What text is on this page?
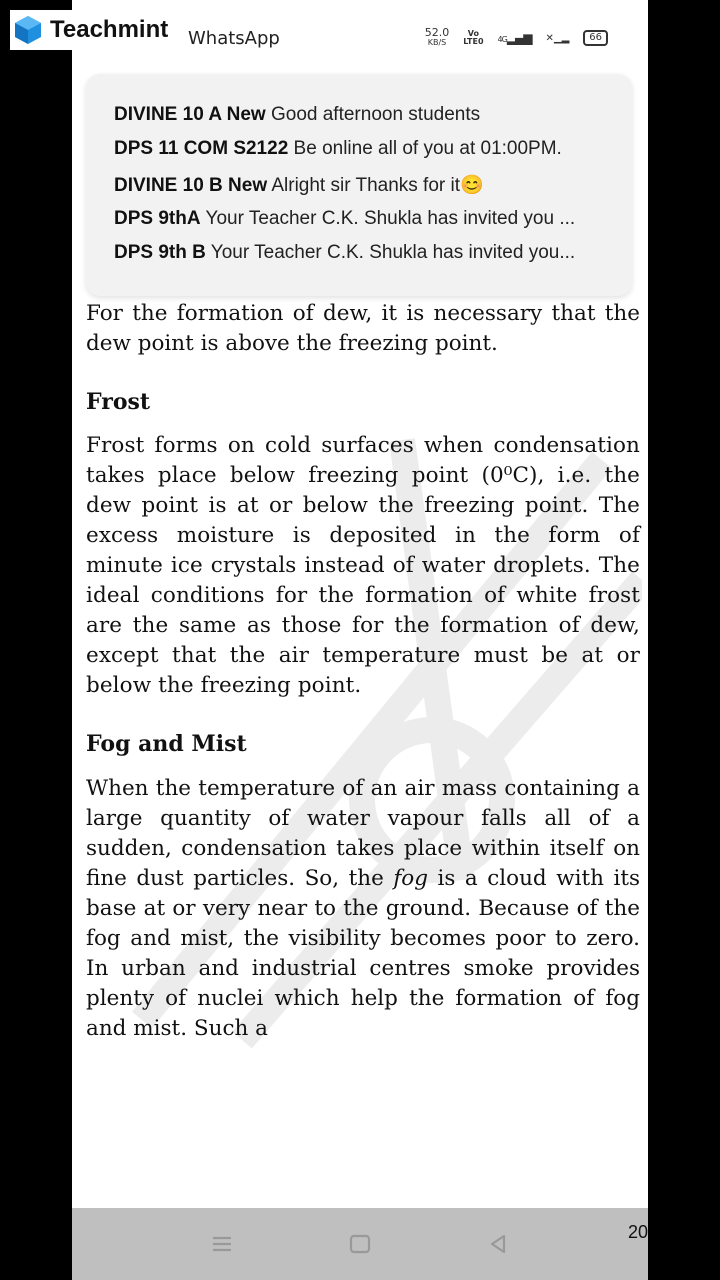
WhatsApp	52.0
KB/S
Vo
LTE0 4G▂▄▆ ✕▁▂	66
DIVINE 10 A New Good afternoon students
DPS 11 COM S2122 Be online all of you at 01:00PM.
DIVINE 10 B New Alright sir Thanks for it😊
DPS 9thA Your Teacher C.K. Shukla has invited you ...
DPS 9th B Your Teacher C.K. Shukla has invited you...

For the formation of dew, it is necessary that the dew point is above the freezing point.

Frost

Frost forms on cold surfaces when condensation takes place below freezing point (0⁰C), i.e. the dew point is at or below the freezing point. The excess moisture is deposited in the form of minute ice crystals instead of water droplets. The ideal conditions for the formation of white frost are the same as those for the formation of dew, except that the air temperature must be at or below the freezing point.

Fog and Mist

When the temperature of an air mass containing a large quantity of water vapour falls all of a sudden, condensation takes place within itself on fine dust particles. So, the fog is a cloud with its base at or very near to the ground. Because of the fog and mist, the visibility becomes poor to zero. In urban and industrial centres smoke provides plenty of nuclei which help the formation of fog and mist. Such a

20
Teachmint
